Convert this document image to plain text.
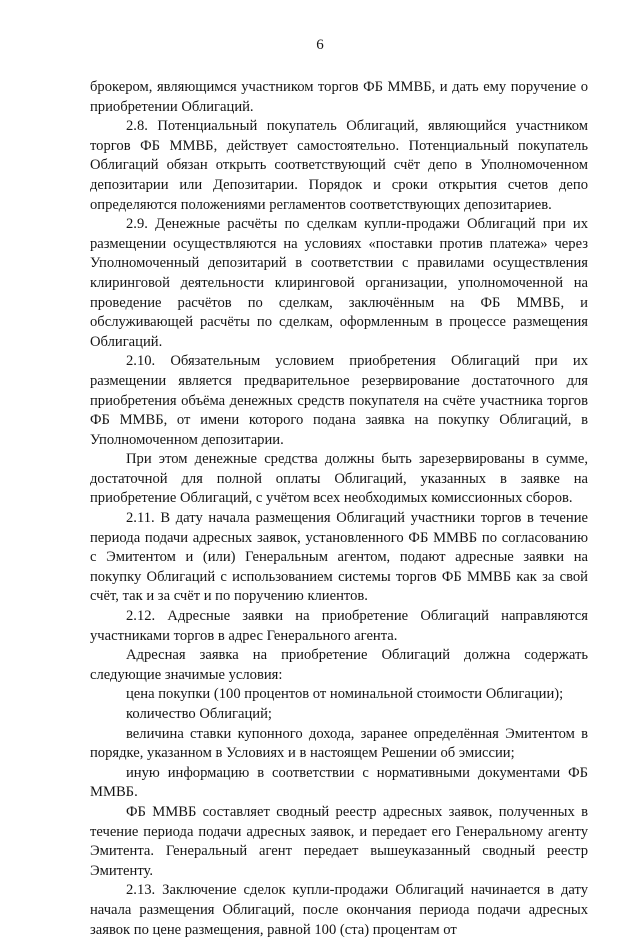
6

брокером, являющимся участником торгов ФБ ММВБ, и дать ему поручение о приобретении Облигаций.

2.8. Потенциальный покупатель Облигаций, являющийся участником торгов ФБ ММВБ, действует самостоятельно. Потенциальный покупатель Облигаций обязан открыть соответствующий счёт депо в Уполномоченном депозитарии или Депозитарии. Порядок и сроки открытия счетов депо определяются положениями регламентов соответствующих депозитариев.

2.9. Денежные расчёты по сделкам купли-продажи Облигаций при их размещении осуществляются на условиях «поставки против платежа» через Уполномоченный депозитарий в соответствии с правилами осуществления клиринговой деятельности клиринговой организации, уполномоченной на проведение расчётов по сделкам, заключённым на ФБ ММВБ, и обслуживающей расчёты по сделкам, оформленным в процессе размещения Облигаций.

2.10. Обязательным условием приобретения Облигаций при их размещении является предварительное резервирование достаточного для приобретения объёма денежных средств покупателя на счёте участника торгов ФБ ММВБ, от имени которого подана заявка на покупку Облигаций, в Уполномоченном депозитарии.

При этом денежные средства должны быть зарезервированы в сумме, достаточной для полной оплаты Облигаций, указанных в заявке на приобретение Облигаций, с учётом всех необходимых комиссионных сборов.

2.11. В дату начала размещения Облигаций участники торгов в течение периода подачи адресных заявок, установленного ФБ ММВБ по согласованию с Эмитентом и (или) Генеральным агентом, подают адресные заявки на покупку Облигаций с использованием системы торгов ФБ ММВБ как за свой счёт, так и за счёт и по поручению клиентов.

2.12. Адресные заявки на приобретение Облигаций направляются участниками торгов в адрес Генерального агента.

Адресная заявка на приобретение Облигаций должна содержать следующие значимые условия:

цена покупки (100 процентов от номинальной стоимости Облигации);

количество Облигаций;

величина ставки купонного дохода, заранее определённая Эмитентом в порядке, указанном в Условиях и в настоящем Решении об эмиссии;

иную информацию в соответствии с нормативными документами ФБ ММВБ.

ФБ ММВБ составляет сводный реестр адресных заявок, полученных в течение периода подачи адресных заявок, и передает его Генеральному агенту Эмитента. Генеральный агент передает вышеуказанный сводный реестр Эмитенту.

2.13. Заключение сделок купли-продажи Облигаций начинается в дату начала размещения Облигаций, после окончания периода подачи адресных заявок по цене размещения, равной 100 (ста) процентам от
